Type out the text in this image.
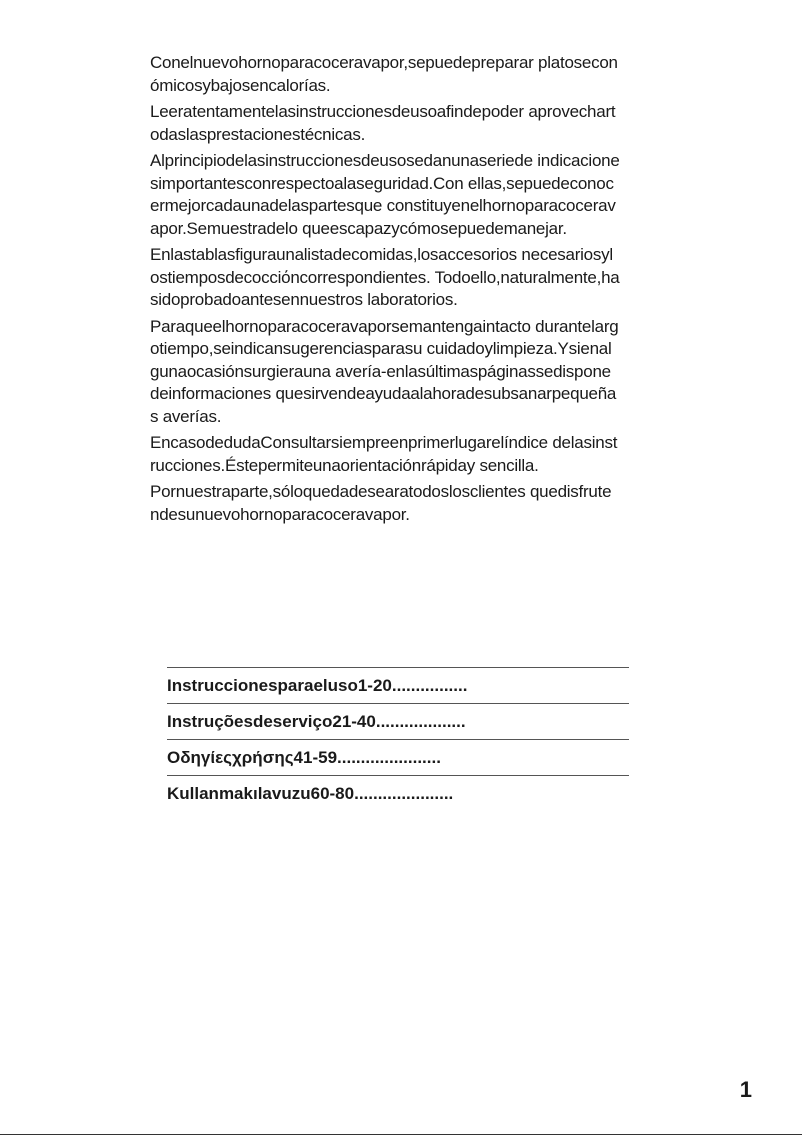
Conelnuevohornoparacoceravapor,sepuedepreparar platoseconómicosybajosencalorías.

Leeratentamentelasinstruccionesdeusoafindepoder aprovechartodaslasprestacionestécnicas.

Alprincipiodelasinstruccionesdeusosedanunaseriede indicacionesimportantesconrespectoalaseguridad.Con ellas,sepuedeconocermejorcadaunadelaspartesque constituyenelhornoparacoceravapor.Semuestradelo queescapazycómosepuedemanejar.

Enlastablasfiguraunalistadecomidas,losaccesorios necesariosylostiemposdecocciόncorrespondientes. Todoello,naturalmente,hasidoprobadoantesennuestros laboratorios.

Paraqueelhornoparacoceravaporsemantengaintacto durantelargotiempo,seindicansugerenciasparasu cuidadoylimpieza.Ysienalgunaocasiónsurgierauna avería-enlasúltimaspáginassedisponedeinformaciones quesirvendeayudaalahoradesubsanarpequeñas averías.

EncasodedudaConsultarsiempreenprimerlugarelíndice delasinstrucciones.Éstepermiteunaorientaciónrápiday sencilla.

Pornuestraparte,sóloquedadesearatodoslosclientes quedisfrutendesunuevohornoparacoceravapor.

Instruccionesparaeluso 1-20 ................
Instruçõesdeserviço 21-40 ...................
Οδηγίεςχρήσης 41-59 ......................
Kullanmakılavuzu 60-80 .....................
1
